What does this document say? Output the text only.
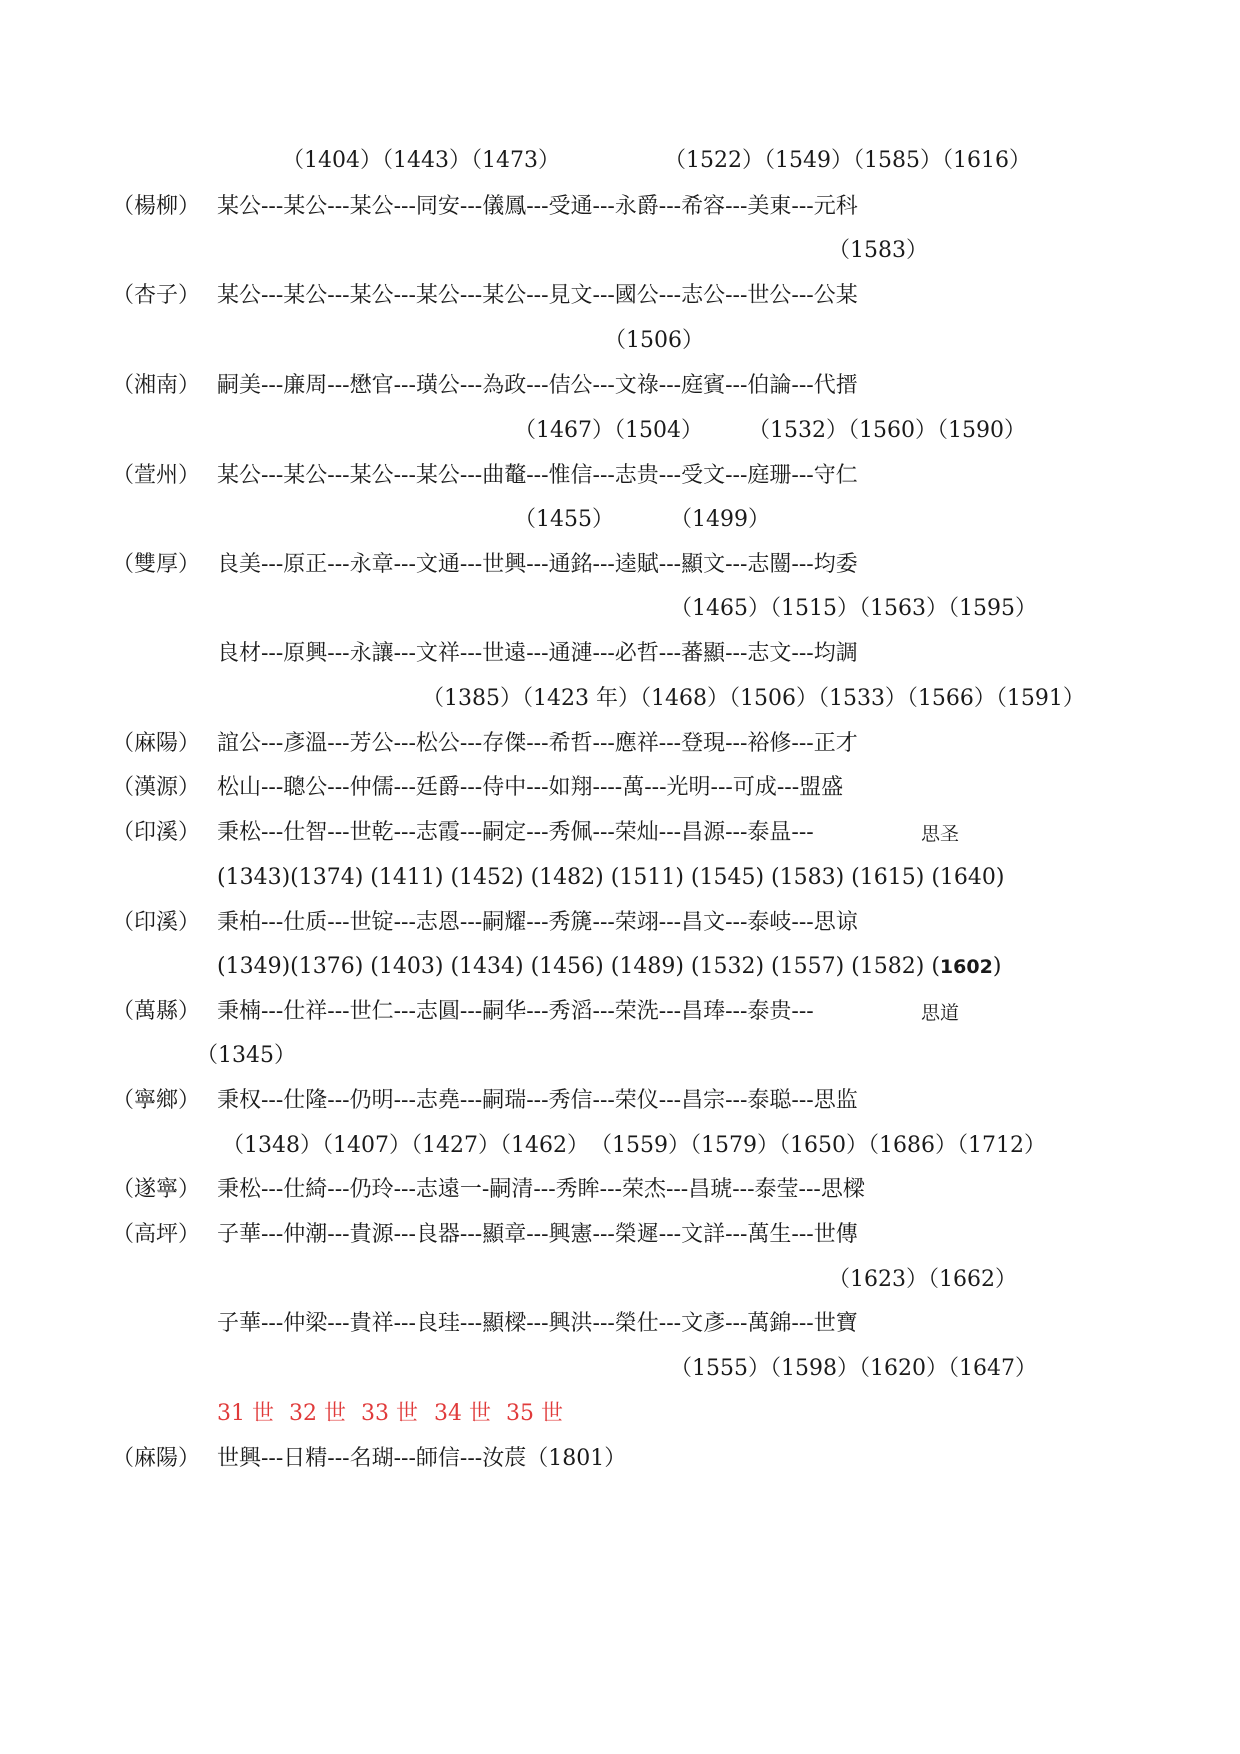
（1404）（1443）（1473）	（1522）（1549）（1585）（1616）
（楊柳） 某公---某公---某公---同安---儀鳳---受通---永爵---希容---美東---元科
（1583）
（杏子） 某公---某公---某公---某公---某公---見文---國公---志公---世公---公某
（1506）
（湘南） 嗣美---廉周---懋官---璜公---為政---佶公---文祿---庭賓---伯論---代搢
（1467）（1504） （1532）（1560）（1590）
（萱州） 某公---某公---某公---某公---曲鼇---惟信---志贵---受文---庭珊---守仁
（1455）	（1499）
（雙厚） 良美---原正---永章---文通---世興---通銘---逵賦---顯文---志闓---均委
（1465）（1515）（1563）（1595）
良材---原興---永讓---文祥---世遠---通漣---必哲---蕃顯---志文---均調
（1385）（1423 年）（1468）（1506）（1533）（1566）（1591）
（麻陽） 誼公---彥溫---芳公---松公---存傑---希哲---應祥---登現---裕修---正才
（漢源） 松山---聰公---仲儒---廷爵---侍中---如翔----萬---光明---可成---盟盛
（印溪） 秉松---仕智---世乾---志霞---嗣定---秀佩---荣灿---昌源---泰昷---	思圣
(1343)(1374) (1411) (1452) (1482) (1511) (1545) (1583) (1615) (1640)
（印溪） 秉柏---仕质---世锭---志恩---嗣耀---秀篪---荣翊---昌文---泰岐---思谅
(1349)(1376) (1403) (1434) (1456) (1489) (1532) (1557) (1582) (1602)
（萬縣） 秉楠---仕祥---世仁---志圓---嗣华---秀滔---荣洗---昌琫---泰贵---	思道
（1345）
（寧鄉） 秉权---仕隆---仍明---志堯---嗣瑞---秀信---荣仪---昌宗---泰聪---思监
（1348）（1407）（1427）（1462） （1559）（1579）（1650）（1686）（1712）
（遂寧） 秉松---仕綺---仍玲---志遠一-嗣清---秀眸---荣杰---昌琥---泰莹---思樑
（高坪） 子華---仲潮---貴源---良器---顯章---興憲---榮遲---文詳---萬生---世傳
（1623）（1662）
子華---仲梁---貴祥---良珪---顯樑---興洪---榮仕---文彥---萬錦---世寶
（1555）（1598）（1620）（1647）
31 世 32 世 33 世 34 世 35 世
（麻陽） 世興---日精---名瑚---師信---汝莀（1801）
